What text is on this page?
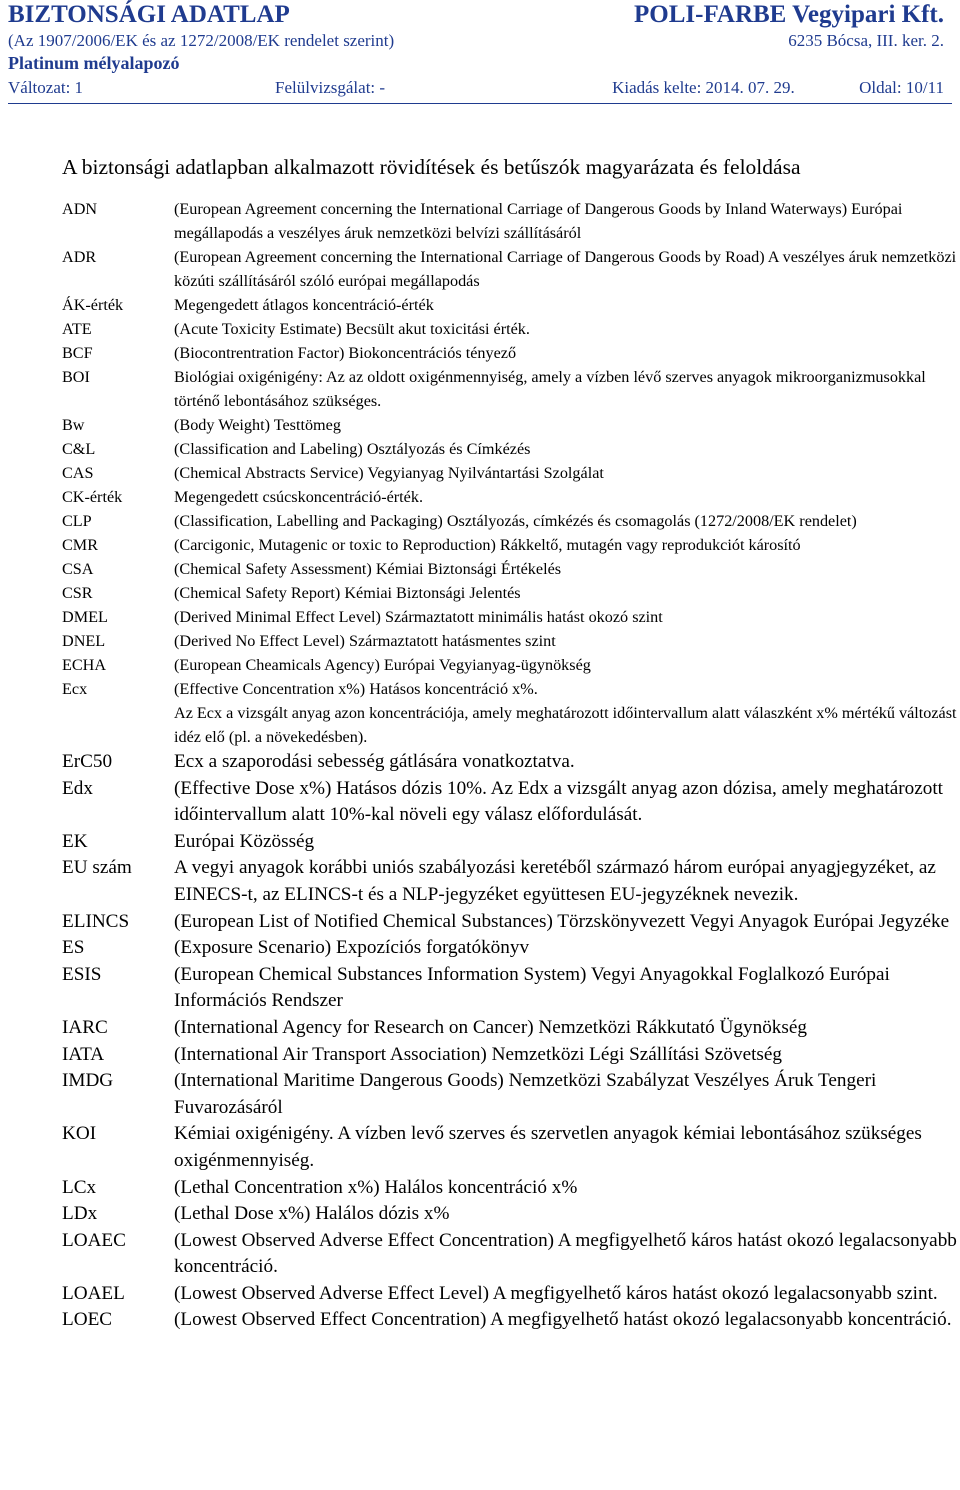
BIZTONSÁGI ADATLAP	POLI-FARBE Vegyipari Kft.
(Az 1907/2006/EK és az 1272/2008/EK rendelet szerint)	6235 Bócsa, III. ker. 2.
Platinum mélyalapozó
Változat: 1	Felülvizsgálat: -	Kiadás kelte: 2014. 07. 29.	Oldal: 10/11
A biztonsági adatlapban alkalmazott rövidítések és betűszók magyarázata és feloldása
ADN	(European Agreement concerning the International Carriage of Dangerous Goods by Inland Waterways) Európai megállapodás a veszélyes áruk nemzetközi belvízi szállításáról
ADR	(European Agreement concerning the International Carriage of Dangerous Goods by Road) A veszélyes áruk nemzetközi közúti szállításáról szóló európai megállapodás
ÁK-érték	Megengedett átlagos koncentráció-érték
ATE	(Acute Toxicity Estimate) Becsült akut toxicitási érték.
BCF	(Biocontrentration Factor) Biokoncentrációs tényező
BOI	Biológiai oxigénigény: Az az oldott oxigénmennyiség, amely a vízben lévő szerves anyagok mikroorganizmusokkal történő lebontásához szükséges.
Bw	(Body Weight) Testtömeg
C&L	(Classification and Labeling) Osztályozás és Címkézés
CAS	(Chemical Abstracts Service) Vegyianyag Nyilvántartási Szolgálat
CK-érték	Megengedett csúcskoncentráció-érték.
CLP	(Classification, Labelling and Packaging) Osztályozás, címkézés és csomagolás (1272/2008/EK rendelet)
CMR	(Carcigonic, Mutagenic or toxic to Reproduction) Rákkeltő, mutagén vagy reprodukciót károsító
CSA	(Chemical Safety Assessment) Kémiai Biztonsági Értékelés
CSR	(Chemical Safety Report) Kémiai Biztonsági Jelentés
DMEL	(Derived Minimal Effect Level) Származtatott minimális hatást okozó szint
DNEL	(Derived No Effect Level) Származtatott hatásmentes szint
ECHA	(European Cheamicals Agency) Európai Vegyianyag-ügynökség
Ecx	(Effective Concentration x%) Hatásos koncentráció x%.
Az Ecx a vizsgált anyag azon koncentrációja, amely meghatározott időintervallum alatt válaszként x% mértékű változást idéz elő (pl. a növekedésben).
ErC50	Ecx a szaporodási sebesség gátlására vonatkoztatva.
Edx	(Effective Dose x%) Hatásos dózis 10%. Az Edx a vizsgált anyag azon dózisa, amely meghatározott időintervallum alatt 10%-kal növeli egy válasz előfordulását.
EK	Európai Közösség
EU szám	A vegyi anyagok korábbi uniós szabályozási keretéből származó három európai anyagjegyzéket, az EINECS-t, az ELINCS-t és a NLP-jegyzéket együttesen EU-jegyzéknek nevezik.
ELINCS	(European List of Notified Chemical Substances) Törzskönyvezett Vegyi Anyagok Európai Jegyzéke
ES	(Exposure Scenario) Expozíciós forgatókönyv
ESIS	(European Chemical Substances Information System) Vegyi Anyagokkal Foglalkozó Európai Információs Rendszer
IARC	(International Agency for Research on Cancer) Nemzetközi Rákkutató Ügynökség
IATA	(International Air Transport Association) Nemzetközi Légi Szállítási Szövetség
IMDG	(International Maritime Dangerous Goods) Nemzetközi Szabályzat Veszélyes Áruk Tengeri Fuvarozásáról
KOI	Kémiai oxigénigény. A vízben levő szerves és szervetlen anyagok kémiai lebontásához szükséges oxigénmennyiség.
LCx	(Lethal Concentration x%) Halálos koncentráció x%
LDx	(Lethal Dose x%) Halálos dózis x%
LOAEC	(Lowest Observed Adverse Effect Concentration) A megfigyelhető káros hatást okozó legalacsonyabb koncentráció.
LOAEL	(Lowest Observed Adverse Effect Level) A megfigyelhető káros hatást okozó legalacsonyabb szint.
LOEC	(Lowest Observed Effect Concentration) A megfigyelhető hatást okozó legalacsonyabb koncentráció.
